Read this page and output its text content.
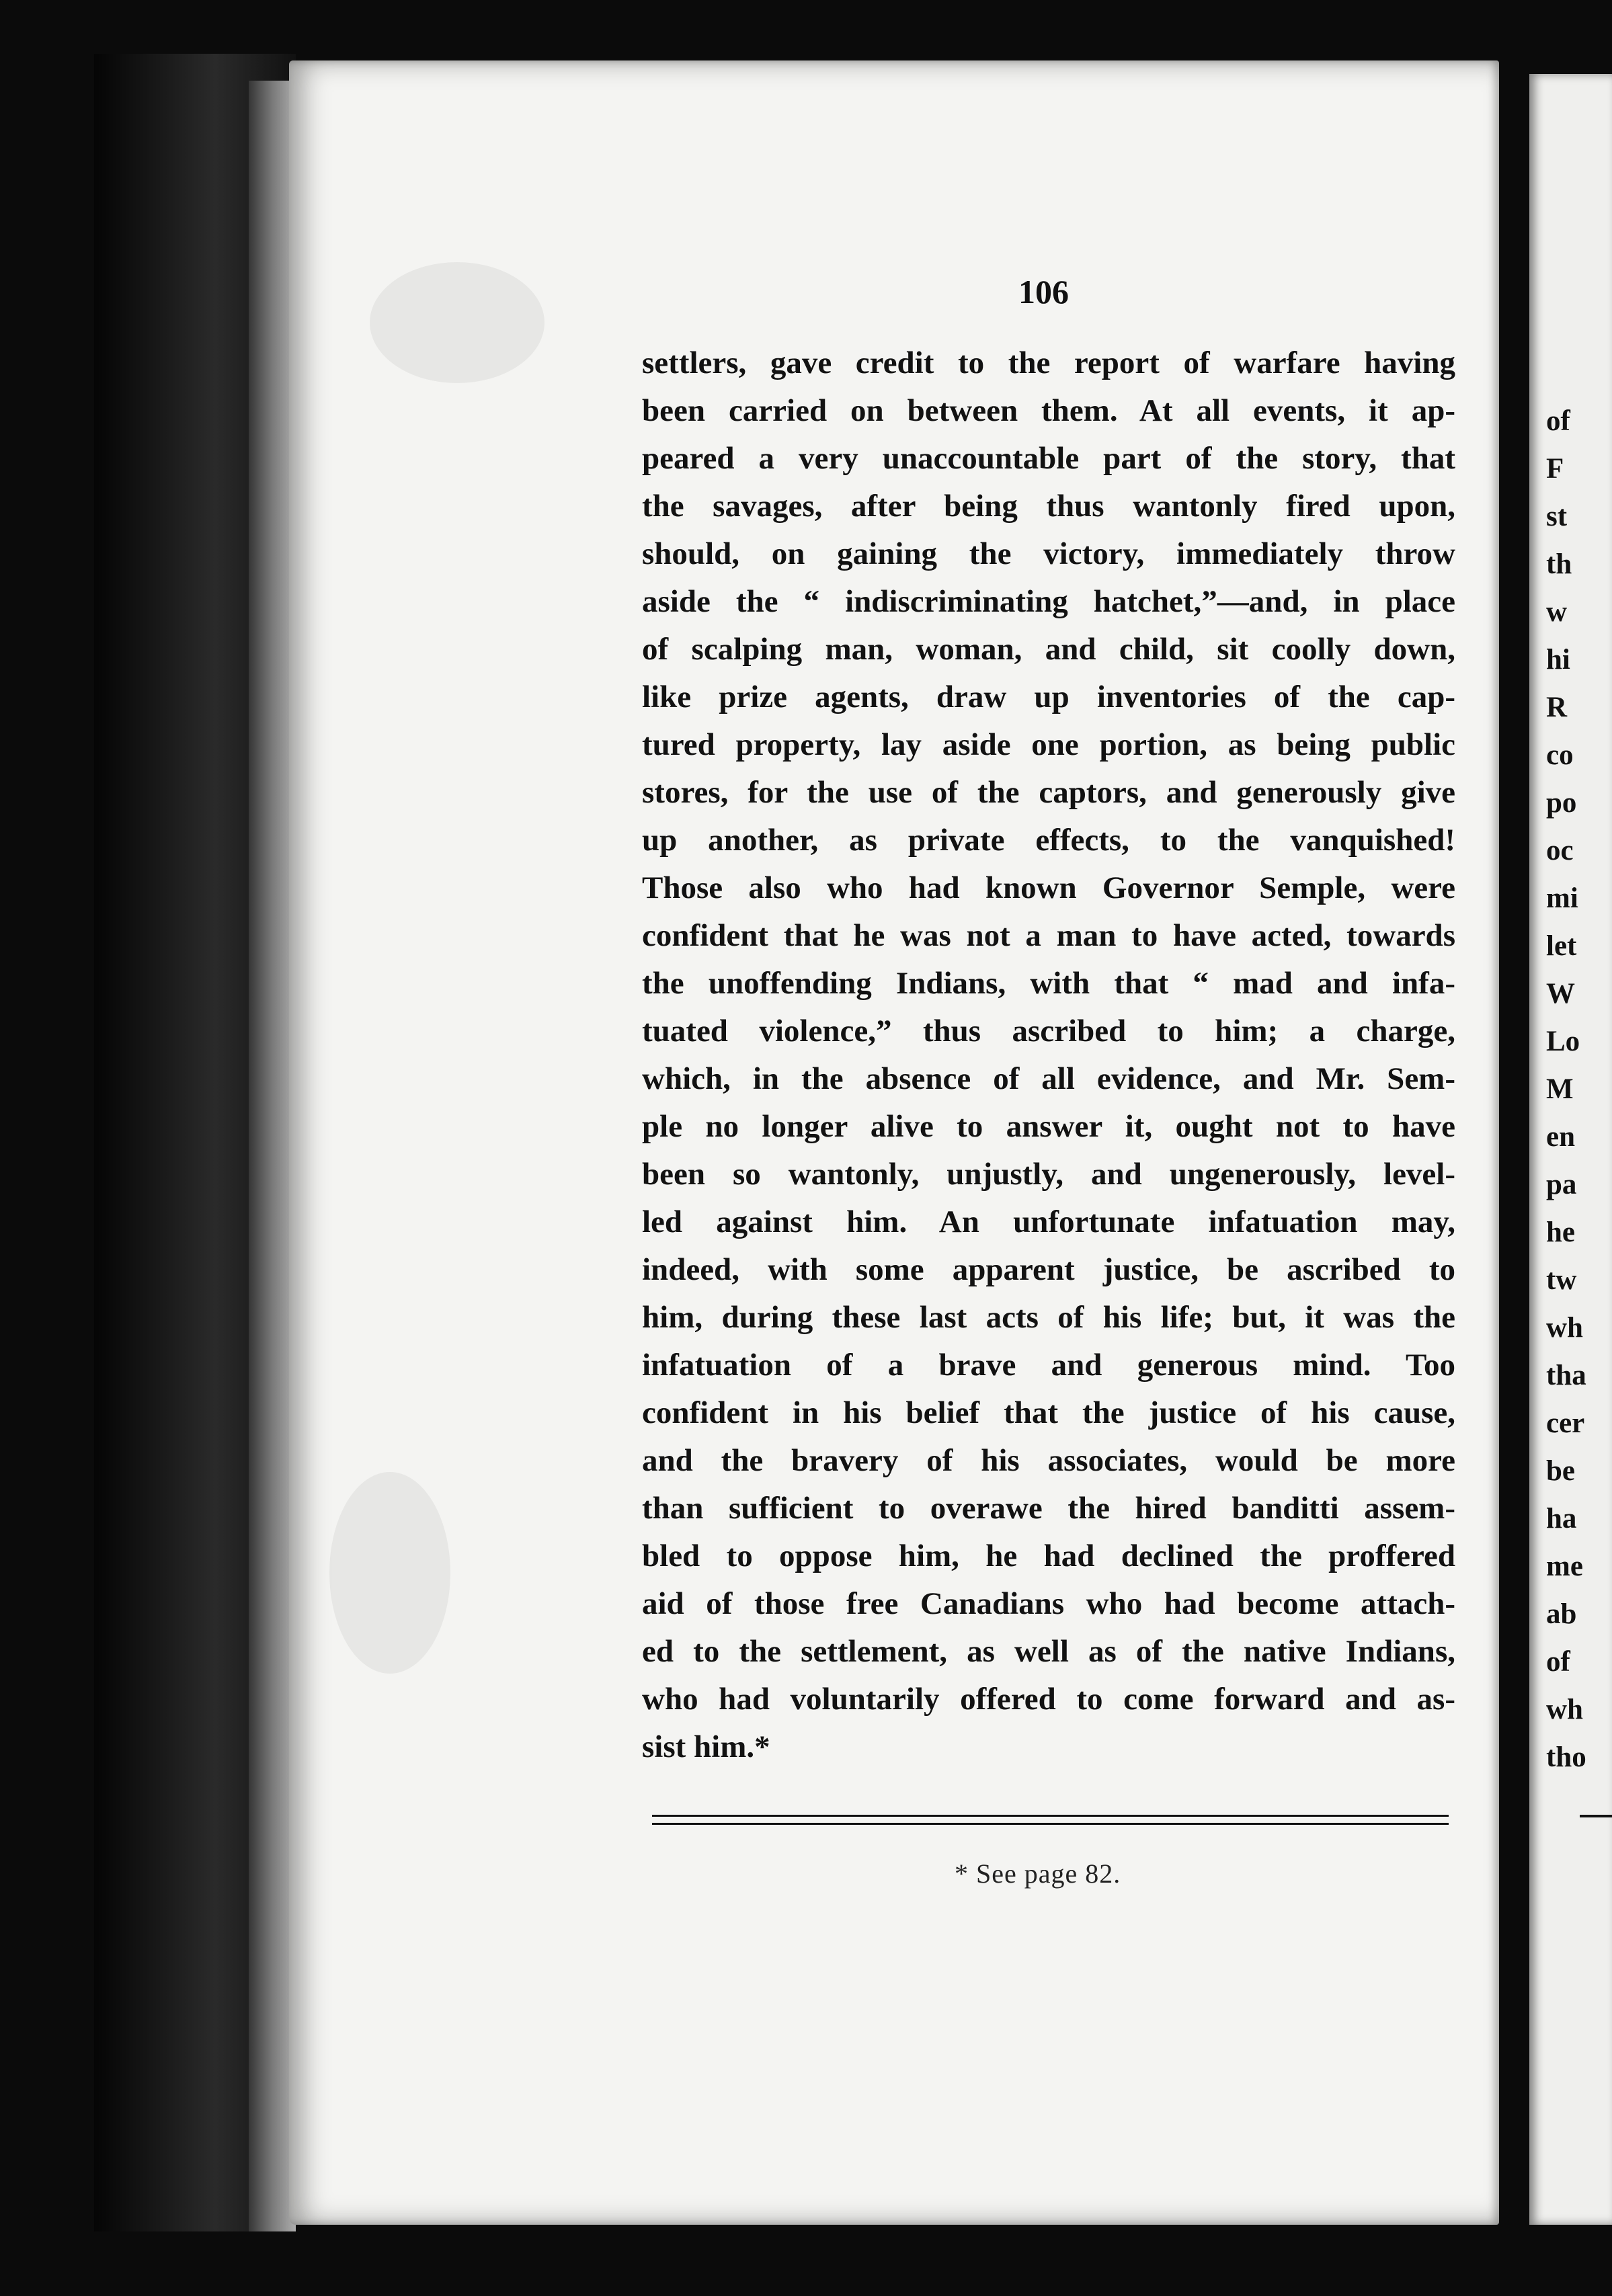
106
settlers, gave credit to the report of warfare having
been carried on between them. At all events, it ap-
peared a very unaccountable part of the story, that
the savages, after being thus wantonly fired upon,
should, on gaining the victory, immediately throw
aside the “ indiscriminating hatchet,”—and, in place
of scalping man, woman, and child, sit coolly down,
like prize agents, draw up inventories of the cap-
tured property, lay aside one portion, as being public
stores, for the use of the captors, and generously give
up another, as private effects, to the vanquished!
Those also who had known Governor Semple, were
confident that he was not a man to have acted, towards
the unoffending Indians, with that “ mad and infa-
tuated violence,” thus ascribed to him; a charge,
which, in the absence of all evidence, and Mr. Sem-
ple no longer alive to answer it, ought not to have
been so wantonly, unjustly, and ungenerously, level-
led against him. An unfortunate infatuation may,
indeed, with some apparent justice, be ascribed to
him, during these last acts of his life; but, it was the
infatuation of a brave and generous mind. Too
confident in his belief that the justice of his cause,
and the bravery of his associates, would be more
than sufficient to overawe the hired banditti assem-
bled to oppose him, he had declined the proffered
aid of those free Canadians who had become attach-
ed to the settlement, as well as of the native Indians,
who had voluntarily offered to come forward and as-
sist him.*
* See page 82.
of
F
st
th
w
hi
R
co
po
oc
mi
let
W
Lo
M
en
pa
he
tw
wh
tha
cer
be
ha
me
ab
of
wh
tho
